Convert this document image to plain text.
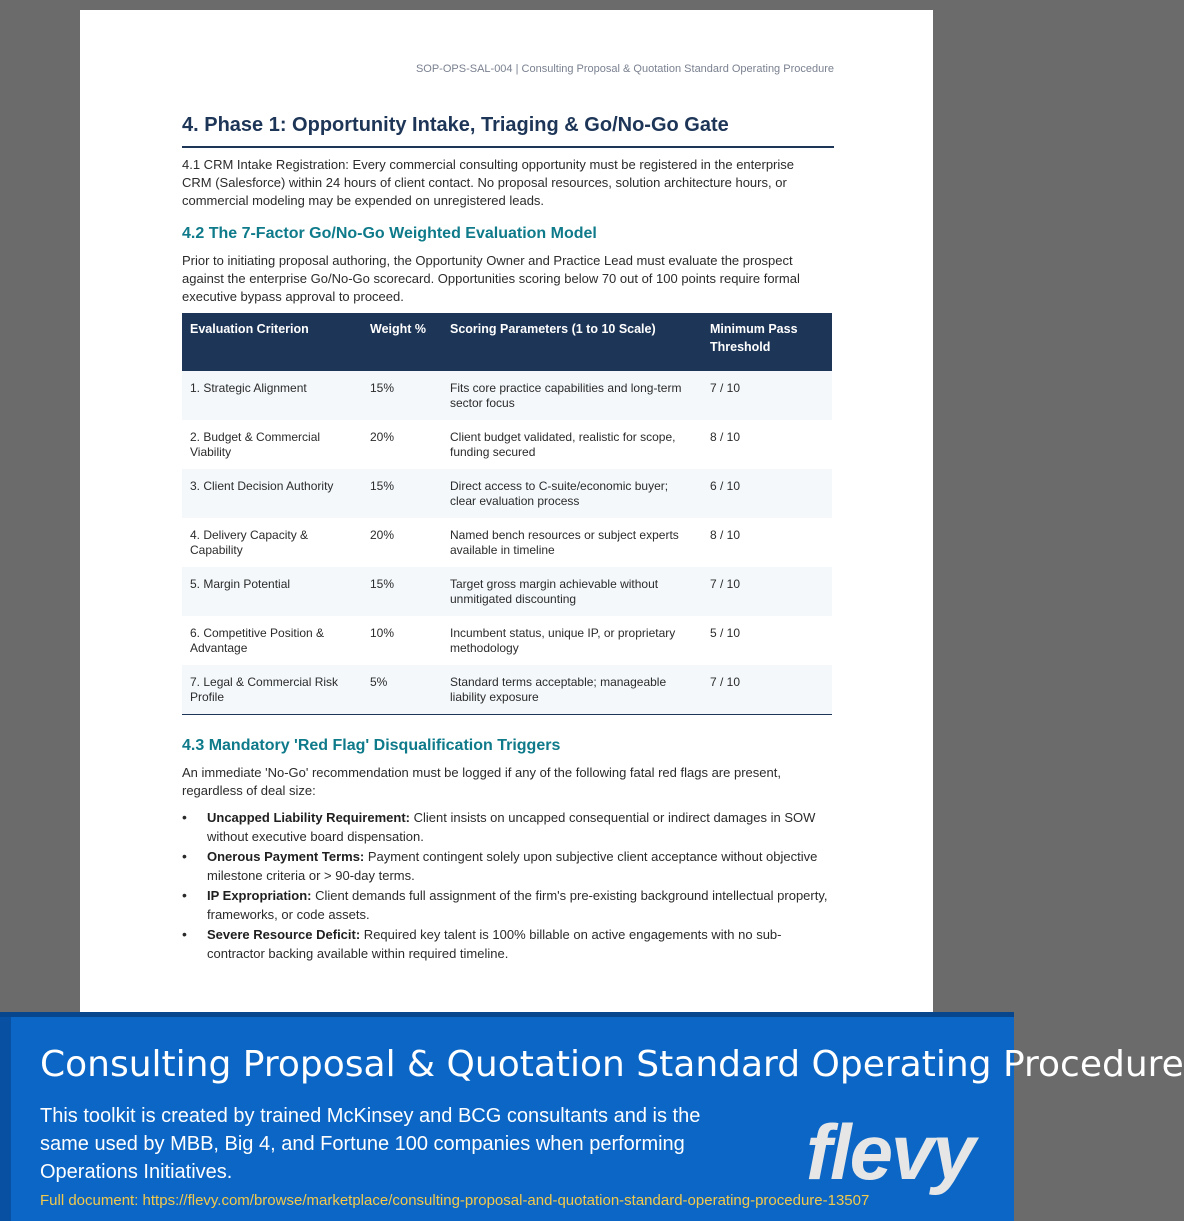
SOP-OPS-SAL-004 | Consulting Proposal & Quotation Standard Operating Procedure
4. Phase 1: Opportunity Intake, Triaging & Go/No-Go Gate

4.1 CRM Intake Registration: Every commercial consulting opportunity must be registered in the enterprise CRM (Salesforce) within 24 hours of client contact. No proposal resources, solution architecture hours, or commercial modeling may be expended on unregistered leads.

4.2 The 7-Factor Go/No-Go Weighted Evaluation Model

Prior to initiating proposal authoring, the Opportunity Owner and Practice Lead must evaluate the prospect against the enterprise Go/No-Go scorecard. Opportunities scoring below 70 out of 100 points require formal executive bypass approval to proceed.

Evaluation Criterion	Weight %	Scoring Parameters (1 to 10 Scale)	Minimum Pass Threshold
1. Strategic Alignment	15%	Fits core practice capabilities and long-term sector focus	7 / 10
2. Budget & Commercial Viability	20%	Client budget validated, realistic for scope, funding secured	8 / 10
3. Client Decision Authority	15%	Direct access to C-suite/economic buyer; clear evaluation process	6 / 10
4. Delivery Capacity & Capability	20%	Named bench resources or subject experts available in timeline	8 / 10
5. Margin Potential	15%	Target gross margin achievable without unmitigated discounting	7 / 10
6. Competitive Position & Advantage	10%	Incumbent status, unique IP, or proprietary methodology	5 / 10
7. Legal & Commercial Risk Profile	5%	Standard terms acceptable; manageable liability exposure	7 / 10
4.3 Mandatory 'Red Flag' Disqualification Triggers

An immediate 'No-Go' recommendation must be logged if any of the following fatal red flags are present, regardless of deal size:

• Uncapped Liability Requirement: Client insists on uncapped consequential or indirect damages in SOW without executive board dispensation.
• Onerous Payment Terms: Payment contingent solely upon subjective client acceptance without objective milestone criteria or > 90-day terms.
• IP Expropriation: Client demands full assignment of the firm's pre-existing background intellectual property, frameworks, or code assets.
• Severe Resource Deficit: Required key talent is 100% billable on active engagements with no sub-contractor backing available within required timeline.
Consulting Proposal & Quotation Standard Operating Procedure
This toolkit is created by trained McKinsey and BCG consultants and is the same used by MBB, Big 4, and Fortune 100 companies when performing Operations Initiatives.	flevy
Full document: https://flevy.com/browse/marketplace/consulting-proposal-and-quotation-standard-operating-procedure-13507
